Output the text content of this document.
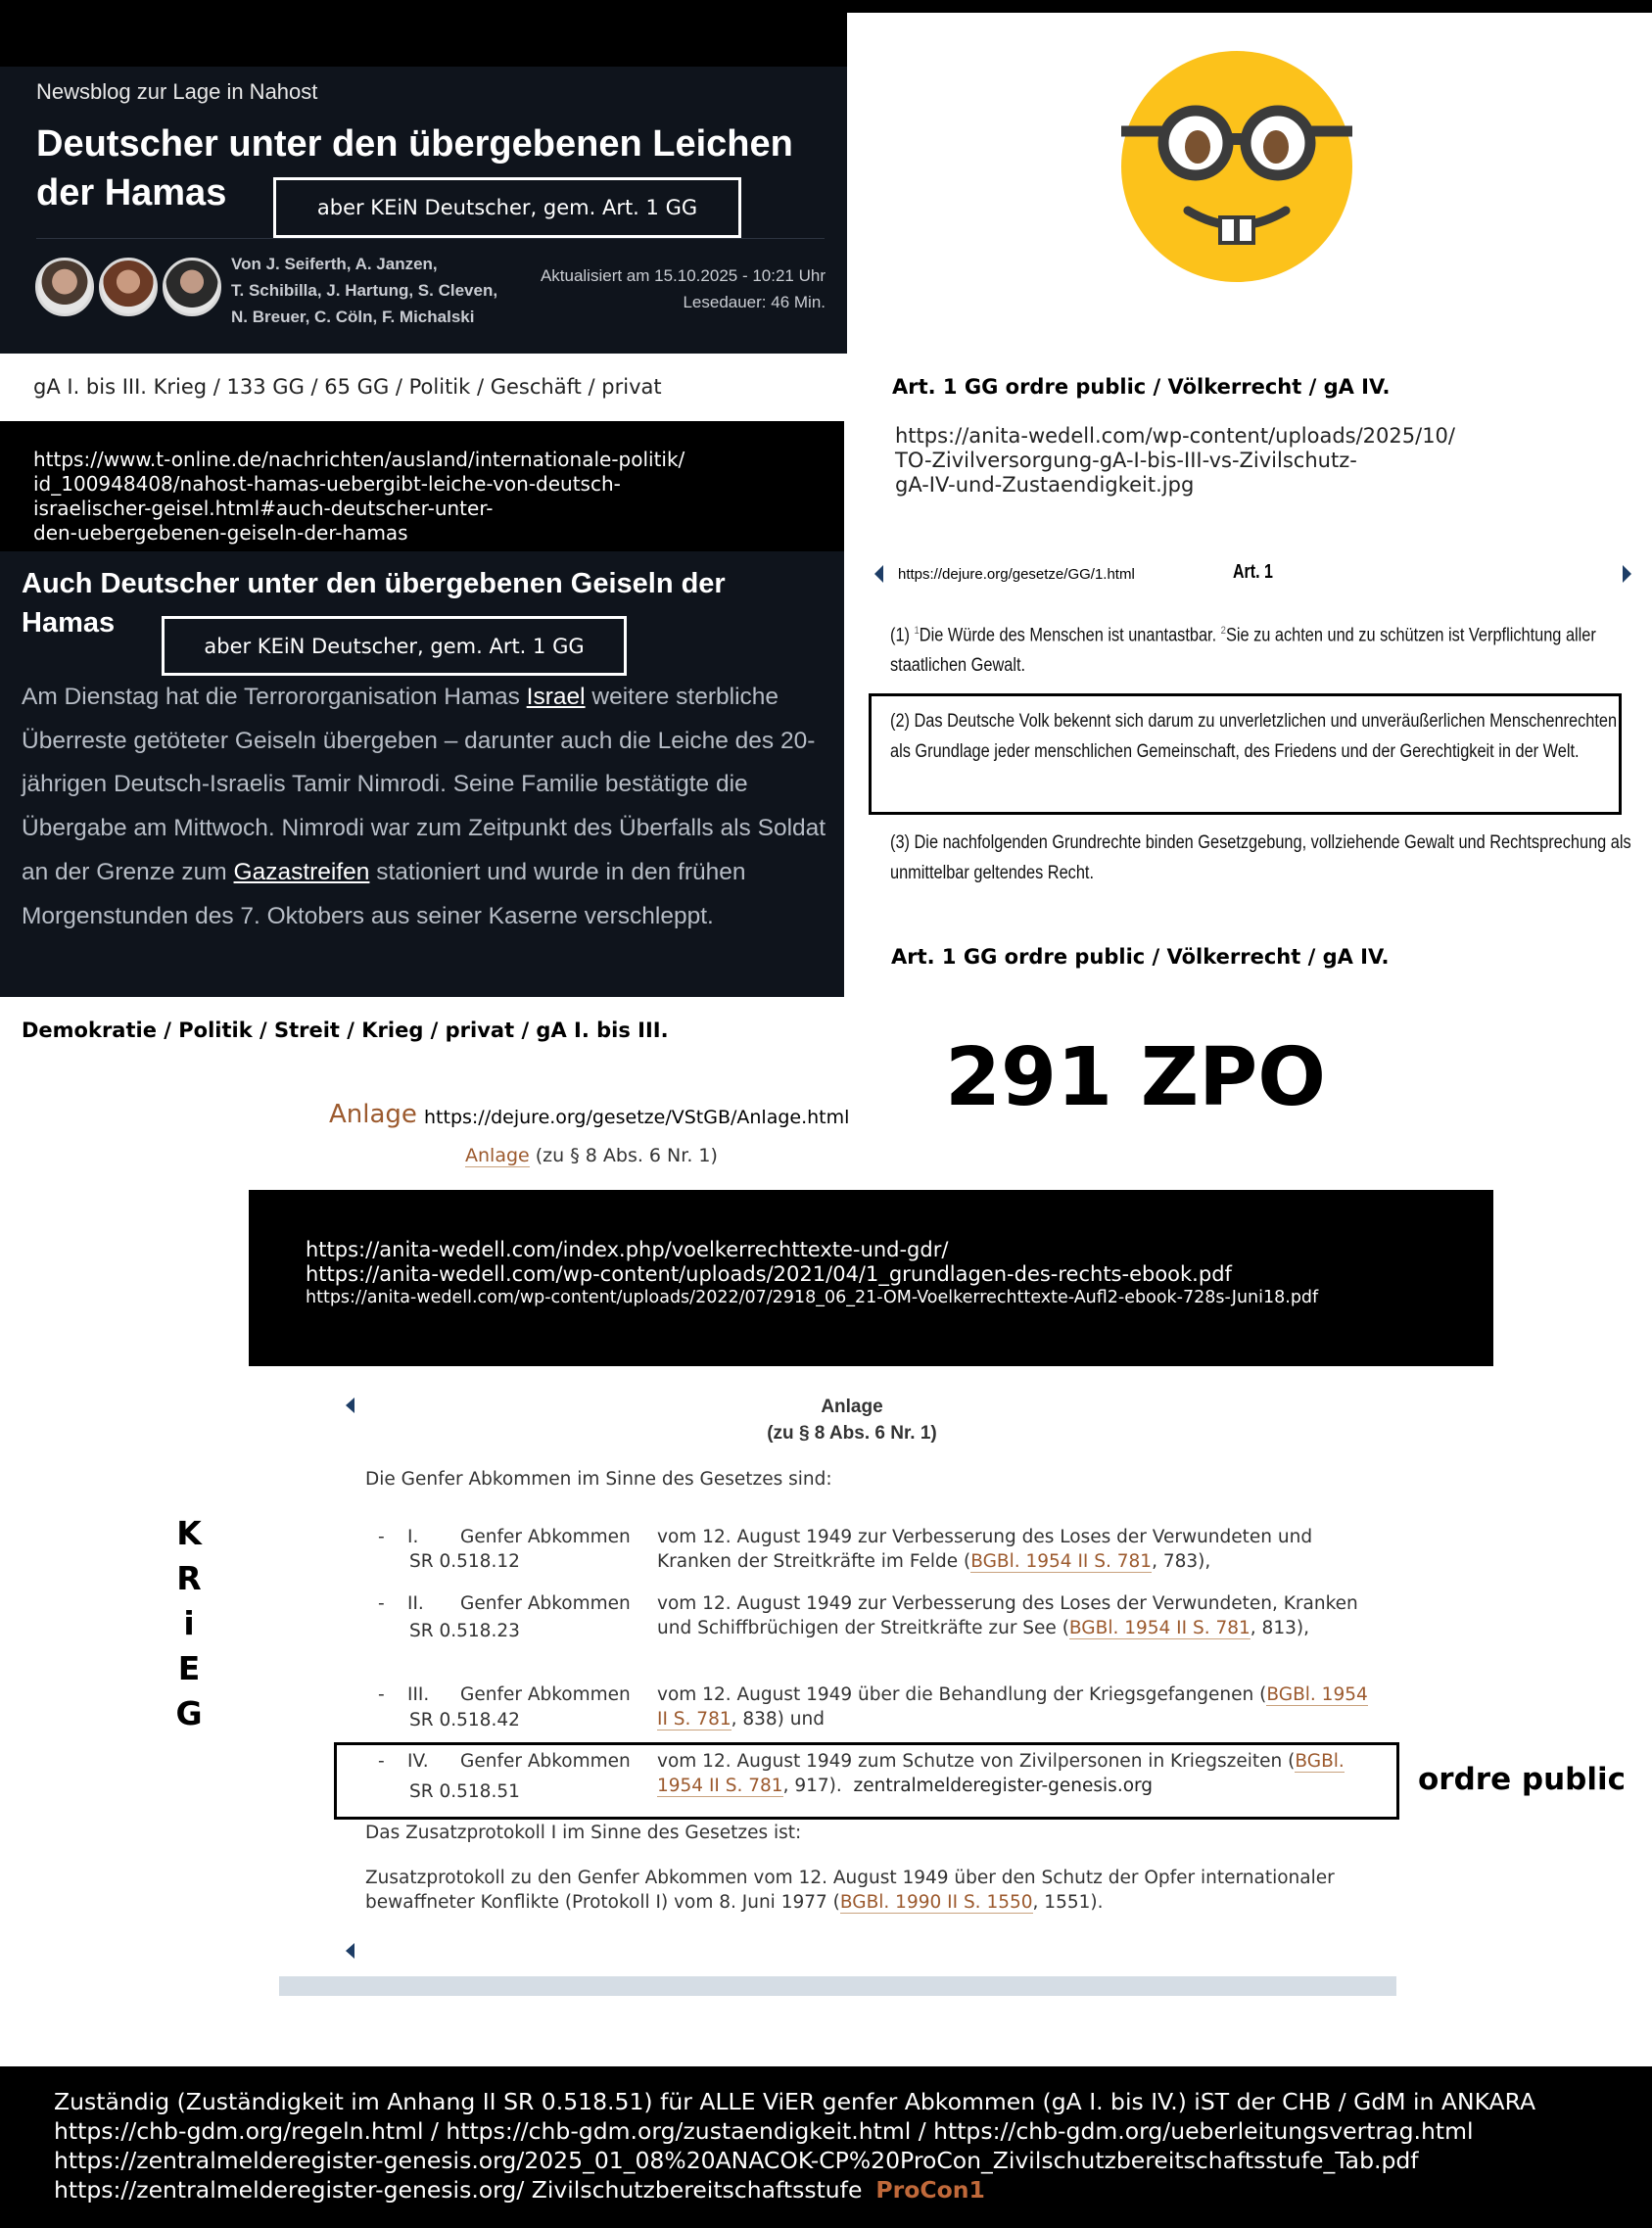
Newsblog zur Lage in Nahost
Deutscher unter den übergebenen Leichen der Hamas	aber KEiN Deutscher, gem. Art. 1 GG
Von J. Seiferth, A. Janzen,
T. Schibilla, J. Hartung, S. Cleven,
N. Breuer, C. Cöln, F. Michalski
Aktualisiert am 15.10.2025 - 10:21 Uhr
Lesedauer: 46 Min.
gA I. bis III. Krieg / 133 GG / 65 GG / Politik / Geschäft / privat	Art. 1 GG ordre public / Völkerrecht / gA IV.
https://anita-wedell.com/wp-content/uploads/2025/10/
TO-Zivilversorgung-gA-I-bis-III-vs-Zivilschutz-
gA-IV-und-Zustaendigkeit.jpg
https://www.t-online.de/nachrichten/ausland/internationale-politik/
id_100948408/nahost-hamas-uebergibt-leiche-von-deutsch-
israelischer-geisel.html#auch-deutscher-unter-
den-uebergebenen-geiseln-der-hamas
Auch Deutscher unter den übergebenen Geiseln der Hamas
aber KEiN Deutscher, gem. Art. 1 GG
Am Dienstag hat die Terrororganisation Hamas Israel weitere sterbliche Überreste getöteter Geiseln übergeben – darunter auch die Leiche des 20-jährigen Deutsch-Israelis Tamir Nimrodi. Seine Familie bestätigte die Übergabe am Mittwoch. Nimrodi war zum Zeitpunkt des Überfalls als Soldat an der Grenze zum Gazastreifen stationiert und wurde in den frühen Morgenstunden des 7. Oktobers aus seiner Kaserne verschleppt.
https://dejure.org/gesetze/GG/1.html	Art. 1
(1) $^1$Die Würde des Menschen ist unantastbar. $^2$Sie zu achten und zu schützen ist Verpflichtung aller staatlichen Gewalt.
(2) Das Deutsche Volk bekennt sich darum zu unverletzlichen und unveräußerlichen Menschenrechten als Grundlage jeder menschlichen Gemeinschaft, des Friedens und der Gerechtigkeit in der Welt.
(3) Die nachfolgenden Grundrechte binden Gesetzgebung, vollziehende Gewalt und Rechtsprechung als unmittelbar geltendes Recht.
Art. 1 GG ordre public / Völkerrecht / gA IV.
Demokratie / Politik / Streit / Krieg / privat / gA I. bis III.
291 ZPO
Anlage https://dejure.org/gesetze/VStGB/Anlage.html
Anlage (zu § 8 Abs. 6 Nr. 1)
https://anita-wedell.com/index.php/voelkerrechttexte-und-gdr/
https://anita-wedell.com/wp-content/uploads/2021/04/1_grundlagen-des-rechts-ebook.pdf
https://anita-wedell.com/wp-content/uploads/2022/07/2918_06_21-OM-Voelkerrechttexte-Aufl2-ebook-728s-Juni18.pdf
Anlage
(zu § 8 Abs. 6 Nr. 1)
Die Genfer Abkommen im Sinne des Gesetzes sind:
- I. Genfer Abkommen
SR 0.518.12
vom 12. August 1949 zur Verbesserung des Loses der Verwundeten und Kranken der Streitkräfte im Felde (BGBl. 1954 II S. 781, 783),
- II. Genfer Abkommen
SR 0.518.23
vom 12. August 1949 zur Verbesserung des Loses der Verwundeten, Kranken und Schiffbrüchigen der Streitkräfte zur See (BGBl. 1954 II S. 781, 813),
- III. Genfer Abkommen
SR 0.518.42
vom 12. August 1949 über die Behandlung der Kriegsgefangenen (BGBl. 1954 II S. 781, 838) und
- IV. Genfer Abkommen
SR 0.518.51
vom 12. August 1949 zum Schutze von Zivilpersonen in Kriegszeiten (BGBl. 1954 II S. 781, 917). zentralmelderegister-genesis.org
Das Zusatzprotokoll I im Sinne des Gesetzes ist:
Zusatzprotokoll zu den Genfer Abkommen vom 12. August 1949 über den Schutz der Opfer internationaler bewaffneter Konflikte (Protokoll I) vom 8. Juni 1977 (BGBl. 1990 II S. 1550, 1551).
K
R
i
E
G
ordre public
Zuständig (Zuständigkeit im Anhang II SR 0.518.51) für ALLE ViER genfer Abkommen (gA I. bis IV.) iST der CHB / GdM in ANKARA
https://chb-gdm.org/regeln.html / https://chb-gdm.org/zustaendigkeit.html / https://chb-gdm.org/ueberleitungsvertrag.html
https://zentralmelderegister-genesis.org/2025_01_08%20ANACOK-CP%20ProCon_Zivilschutzbereitschaftsstufe_Tab.pdf
https://zentralmelderegister-genesis.org/ Zivilschutzbereitschaftsstufe ProCon1
